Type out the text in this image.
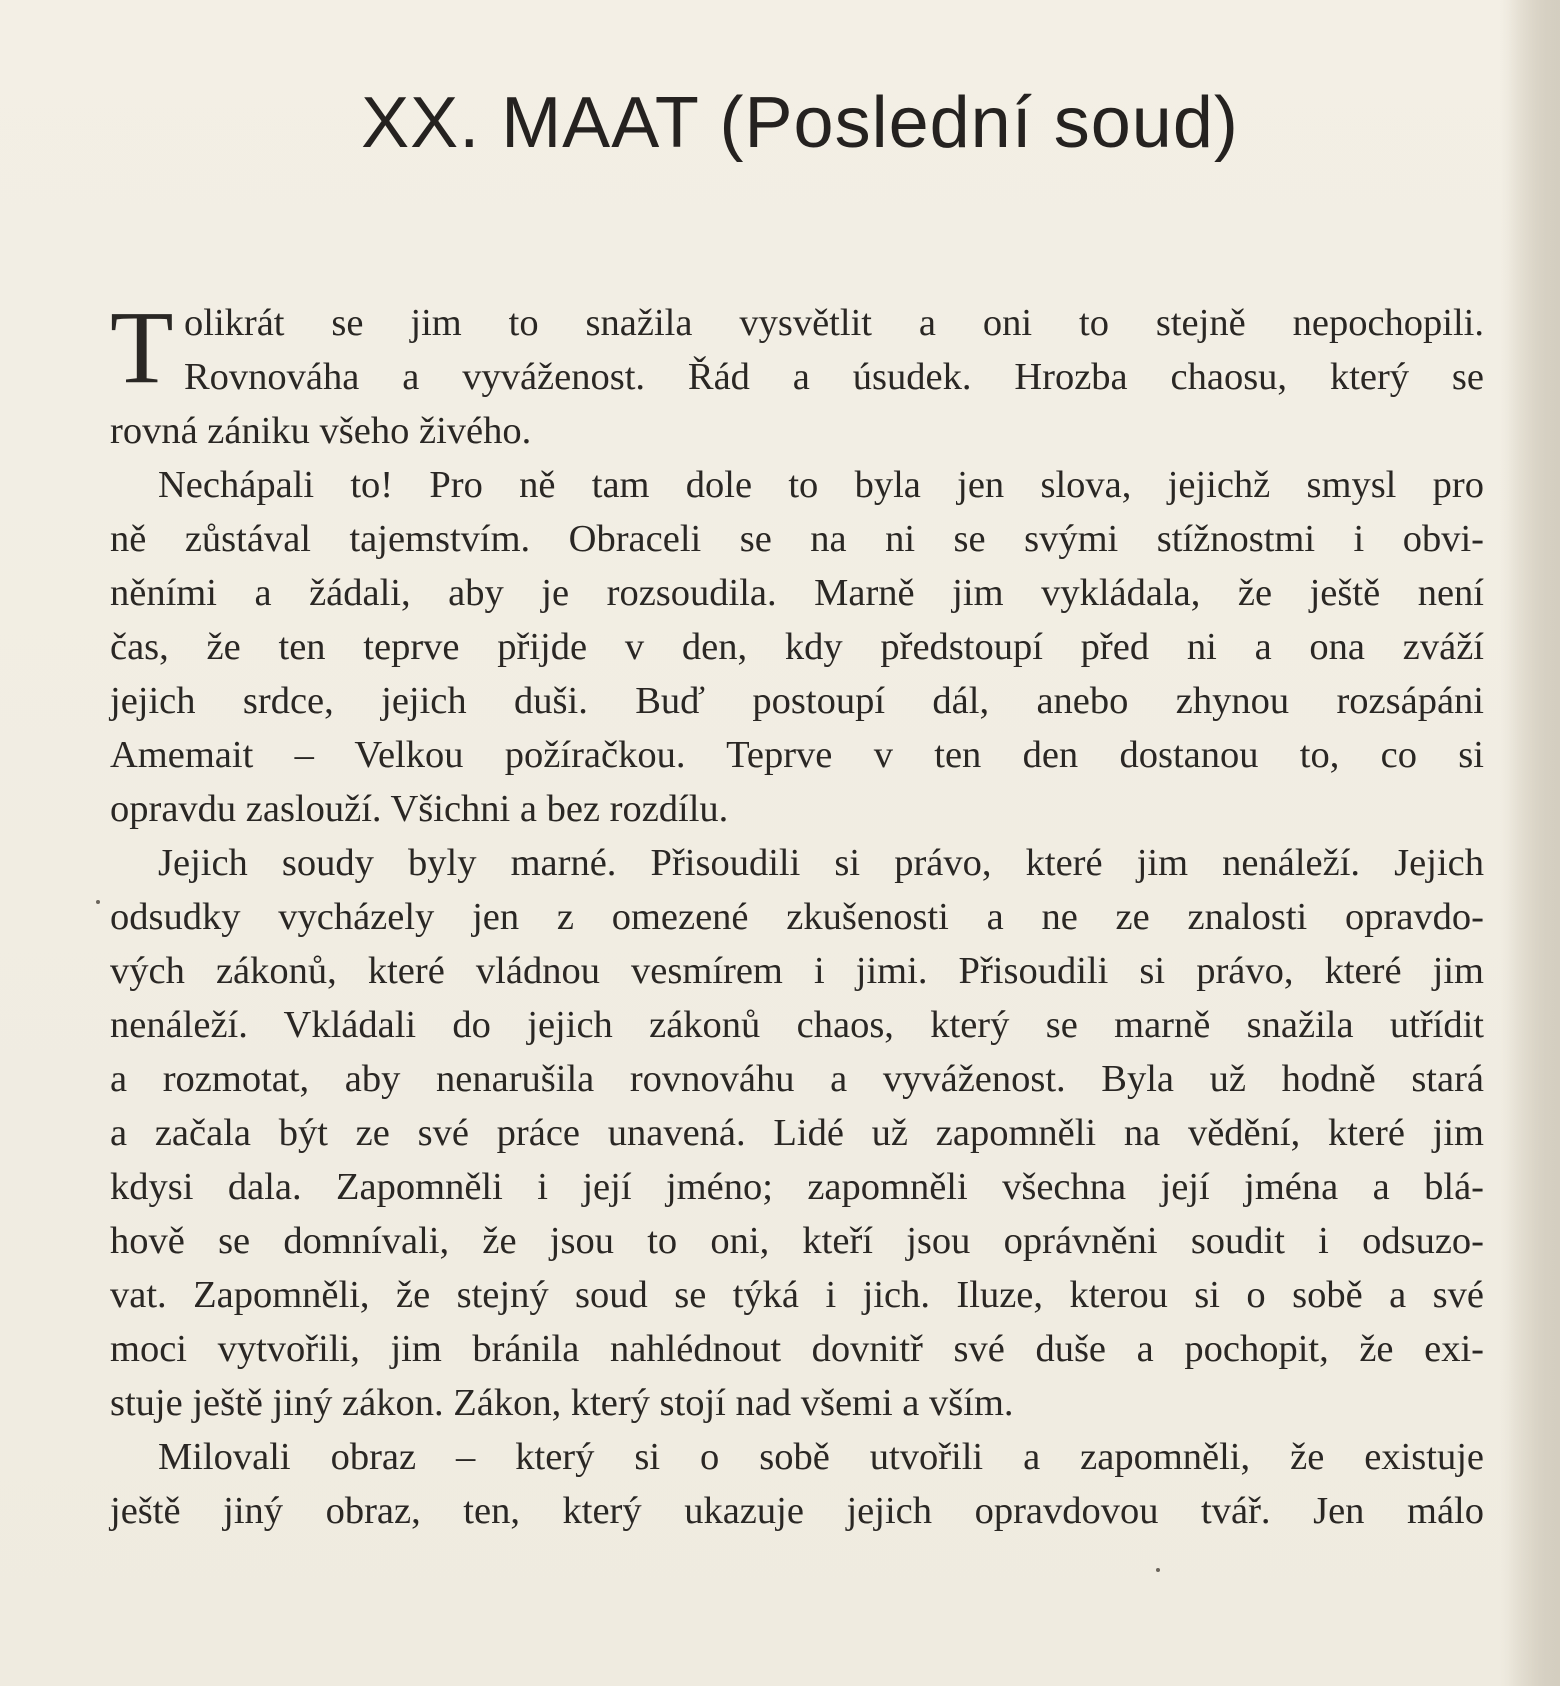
XX. MAAT (Poslední soud)
T olikrát se jim to snažila vysvětlit a oni to stejně nepochopili.
Rovnováha a vyváženost. Řád a úsudek. Hrozba chaosu, který se
rovná zániku všeho živého.
Nechápali to! Pro ně tam dole to byla jen slova, jejichž smysl pro
ně zůstával tajemstvím. Obraceli se na ni se svými stížnostmi i obvi-
něními a žádali, aby je rozsoudila. Marně jim vykládala, že ještě není
čas, že ten teprve přijde v den, kdy předstoupí před ni a ona zváží
jejich srdce, jejich duši. Buď postoupí dál, anebo zhynou rozsápáni
Amemait – Velkou požíračkou. Teprve v ten den dostanou to, co si
opravdu zaslouží. Všichni a bez rozdílu.
Jejich soudy byly marné. Přisoudili si právo, které jim nenáleží. Jejich
odsudky vycházely jen z omezené zkušenosti a ne ze znalosti opravdo-
vých zákonů, které vládnou vesmírem i jimi. Přisoudili si právo, které jim
nenáleží. Vkládali do jejich zákonů chaos, který se marně snažila utřídit
a rozmotat, aby nenarušila rovnováhu a vyváženost. Byla už hodně stará
a začala být ze své práce unavená. Lidé už zapomněli na vědění, které jim
kdysi dala. Zapomněli i její jméno; zapomněli všechna její jména a blá-
hově se domnívali, že jsou to oni, kteří jsou oprávněni soudit i odsuzo-
vat. Zapomněli, že stejný soud se týká i jich. Iluze, kterou si o sobě a své
moci vytvořili, jim bránila nahlédnout dovnitř své duše a pochopit, že exi-
stuje ještě jiný zákon. Zákon, který stojí nad všemi a vším.
Milovali obraz – který si o sobě utvořili a zapomněli, že existuje
ještě jiný obraz, ten, který ukazuje jejich opravdovou tvář. Jen málo
